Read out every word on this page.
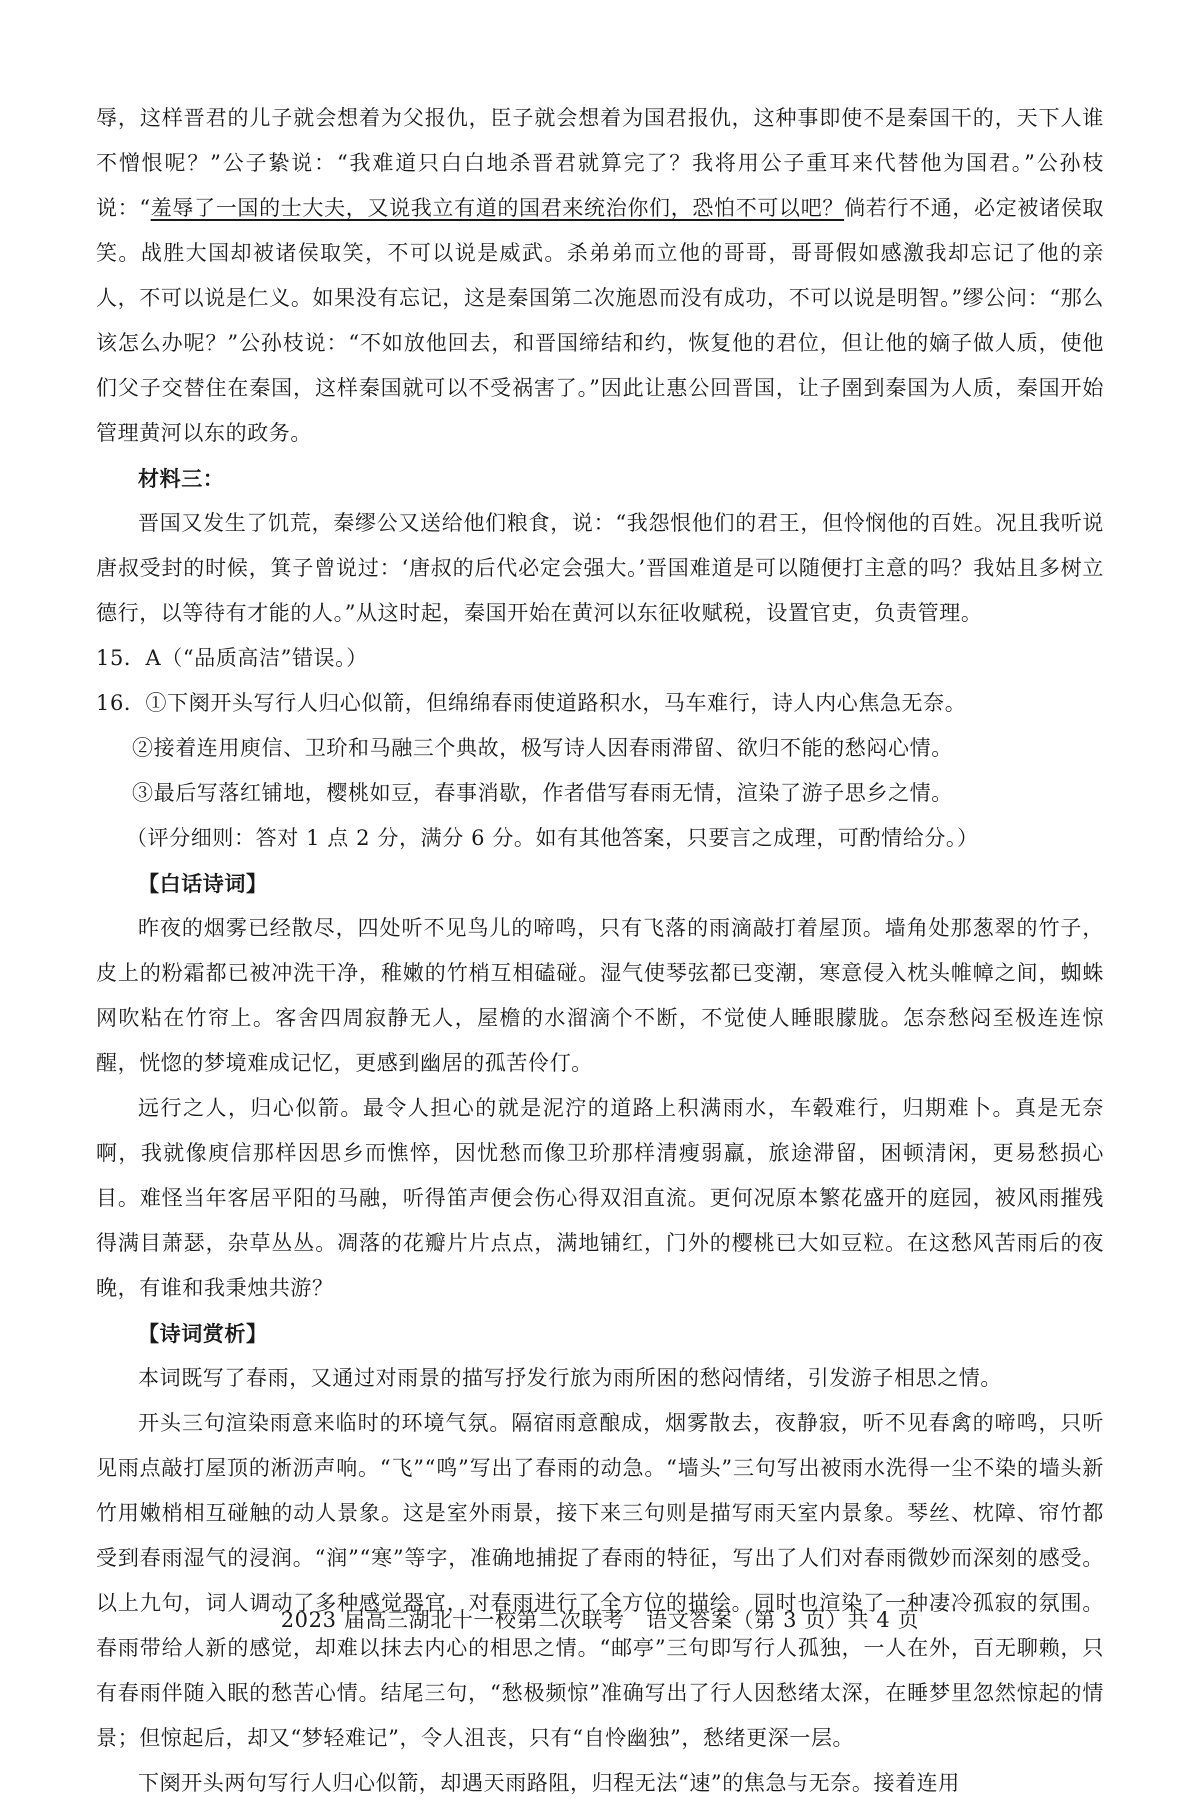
辱，这样晋君的儿子就会想着为父报仇，臣子就会想着为国君报仇，这种事即使不是秦国干的，天下人谁不憎恨呢？”公子絷说：“我难道只白白地杀晋君就算完了？我将用公子重耳来代替他为国君。”公孙枝说：“羞辱了一国的士大夫，又说我立有道的国君来统治你们，恐怕不可以吧？倘若行不通，必定被诸侯取笑。战胜大国却被诸侯取笑，不可以说是威武。杀弟弟而立他的哥哥，哥哥假如感激我却忘记了他的亲人，不可以说是仁义。如果没有忘记，这是秦国第二次施恩而没有成功，不可以说是明智。”缪公问：“那么该怎么办呢？”公孙枝说：“不如放他回去，和晋国缔结和约，恢复他的君位，但让他的嫡子做人质，使他们父子交替住在秦国，这样秦国就可以不受祸害了。”因此让惠公回晋国，让子圉到秦国为人质，秦国开始管理黄河以东的政务。

材料三：

晋国又发生了饥荒，秦缪公又送给他们粮食，说：“我怨恨他们的君王，但怜悯他的百姓。况且我听说唐叔受封的时候，箕子曾说过：‘唐叔的后代必定会强大。’晋国难道是可以随便打主意的吗？我姑且多树立德行，以等待有才能的人。”从这时起，秦国开始在黄河以东征收赋税，设置官吏，负责管理。

15．A（“品质高洁”错误。）

16．①下阕开头写行人归心似箭，但绵绵春雨使道路积水，马车难行，诗人内心焦急无奈。

②接着连用庾信、卫玠和马融三个典故，极写诗人因春雨滞留、欲归不能的愁闷心情。

③最后写落红铺地，樱桃如豆，春事消歇，作者借写春雨无情，渲染了游子思乡之情。

（评分细则：答对 1 点 2 分，满分 6 分。如有其他答案，只要言之成理，可酌情给分。）

【白话诗词】

昨夜的烟雾已经散尽，四处听不见鸟儿的啼鸣，只有飞落的雨滴敲打着屋顶。墙角处那葱翠的竹子，皮上的粉霜都已被冲洗干净，稚嫩的竹梢互相磕碰。湿气使琴弦都已变潮，寒意侵入枕头帷幛之间，蜘蛛网吹粘在竹帘上。客舍四周寂静无人，屋檐的水溜滴个不断，不觉使人睡眼朦胧。怎奈愁闷至极连连惊醒，恍惚的梦境难成记忆，更感到幽居的孤苦伶仃。

远行之人，归心似箭。最令人担心的就是泥泞的道路上积满雨水，车毂难行，归期难卜。真是无奈啊，我就像庾信那样因思乡而憔悴，因忧愁而像卫玠那样清瘦弱羸，旅途滞留，困顿清闲，更易愁损心目。难怪当年客居平阳的马融，听得笛声便会伤心得双泪直流。更何况原本繁花盛开的庭园，被风雨摧残得满目萧瑟，杂草丛丛。凋落的花瓣片片点点，满地铺红，门外的樱桃已大如豆粒。在这愁风苦雨后的夜晚，有谁和我秉烛共游？

【诗词赏析】

本词既写了春雨，又通过对雨景的描写抒发行旅为雨所困的愁闷情绪，引发游子相思之情。

开头三句渲染雨意来临时的环境气氛。隔宿雨意酿成，烟雾散去，夜静寂，听不见春禽的啼鸣，只听见雨点敲打屋顶的淅沥声响。“飞”“鸣”写出了春雨的动急。“墙头”三句写出被雨水洗得一尘不染的墙头新竹用嫩梢相互碰触的动人景象。这是室外雨景，接下来三句则是描写雨天室内景象。琴丝、枕障、帘竹都受到春雨湿气的浸润。“润”“寒”等字，准确地捕捉了春雨的特征，写出了人们对春雨微妙而深刻的感受。以上九句，词人调动了多种感觉器官，对春雨进行了全方位的描绘。同时也渲染了一种凄冷孤寂的氛围。春雨带给人新的感觉，却难以抹去内心的相思之情。“邮亭”三句即写行人孤独，一人在外，百无聊赖，只有春雨伴随入眠的愁苦心情。结尾三句，“愁极频惊”准确写出了行人因愁绪太深，在睡梦里忽然惊起的情景；但惊起后，却又“梦轻难记”，令人沮丧，只有“自怜幽独”，愁绪更深一层。

下阕开头两句写行人归心似箭，却遇天雨路阻，归程无法“速”的焦急与无奈。接着连用

2023 届高三湖北十一校第二次联考　语文答案（第 3 页）共 4 页
